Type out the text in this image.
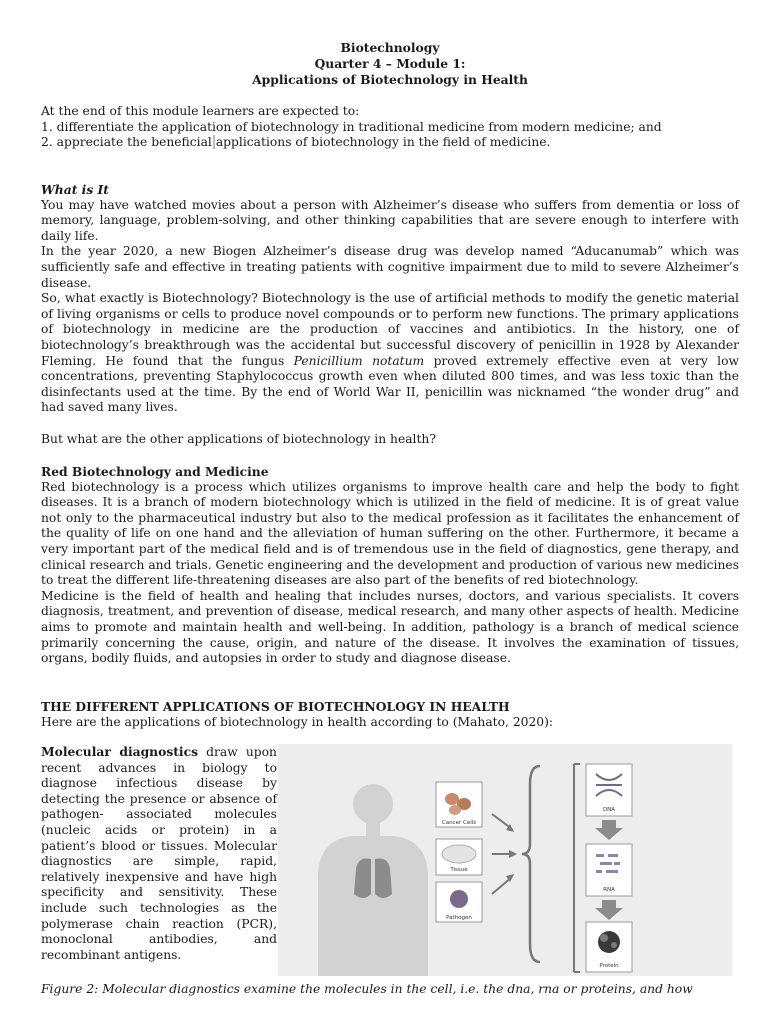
Biotechnology
Quarter 4 – Module 1:
Applications of Biotechnology in Health

At the end of this module learners are expected to:

1. differentiate the application of biotechnology in traditional medicine from modern medicine; and

2. appreciate the beneficial applications of biotechnology in the field of medicine.

What is It

You may have watched movies about a person with Alzheimer’s disease who suffers from dementia or loss of memory, language, problem-solving, and other thinking capabilities that are severe enough to interfere with daily life.

In the year 2020, a new Biogen Alzheimer’s disease drug was develop named “Aducanumab” which was sufficiently safe and effective in treating patients with cognitive impairment due to mild to severe Alzheimer’s disease.

So, what exactly is Biotechnology? Biotechnology is the use of artificial methods to modify the genetic material of living organisms or cells to produce novel compounds or to perform new functions. The primary applications of biotechnology in medicine are the production of vaccines and antibiotics. In the history, one of biotechnology’s breakthrough was the accidental but successful discovery of penicillin in 1928 by Alexander Fleming. He found that the fungus Penicillium notatum proved extremely effective even at very low concentrations, preventing Staphylococcus growth even when diluted 800 times, and was less toxic than the disinfectants used at the time. By the end of World War II, penicillin was nicknamed “the wonder drug” and had saved many lives.

But what are the other applications of biotechnology in health?

Red Biotechnology and Medicine

Red biotechnology is a process which utilizes organisms to improve health care and help the body to fight diseases. It is a branch of modern biotechnology which is utilized in the field of medicine. It is of great value not only to the pharmaceutical industry but also to the medical profession as it facilitates the enhancement of the quality of life on one hand and the alleviation of human suffering on the other. Furthermore, it became a very important part of the medical field and is of tremendous use in the field of diagnostics, gene therapy, and clinical research and trials. Genetic engineering and the development and production of various new medicines to treat the different life-threatening diseases are also part of the benefits of red biotechnology.

Medicine is the field of health and healing that includes nurses, doctors, and various specialists. It covers diagnosis, treatment, and prevention of disease, medical research, and many other aspects of health. Medicine aims to promote and maintain health and well-being. In addition, pathology is a branch of medical science primarily concerning the cause, origin, and nature of the disease. It involves the examination of tissues, organs, bodily fluids, and autopsies in order to study and diagnose disease.

THE DIFFERENT APPLICATIONS OF BIOTECHNOLOGY IN HEALTH

Here are the applications of biotechnology in health according to (Mahato, 2020):

Molecular diagnostics draw upon recent advances in biology to diagnose infectious disease by detecting the presence or absence of pathogen- associated molecules (nucleic acids or protein) in a patient’s blood or tissues. Molecular diagnostics are simple, rapid, relatively inexpensive and have high specificity and sensitivity. These include such technologies as the polymerase chain reaction (PCR), monoclonal antibodies, and recombinant antigens.

Cancer Cells
Tissue
Pathogen
DNA
RNA
Protein
Figure 2: Molecular diagnostics examine the molecules in the cell, i.e. the dna, rna or proteins, and how
